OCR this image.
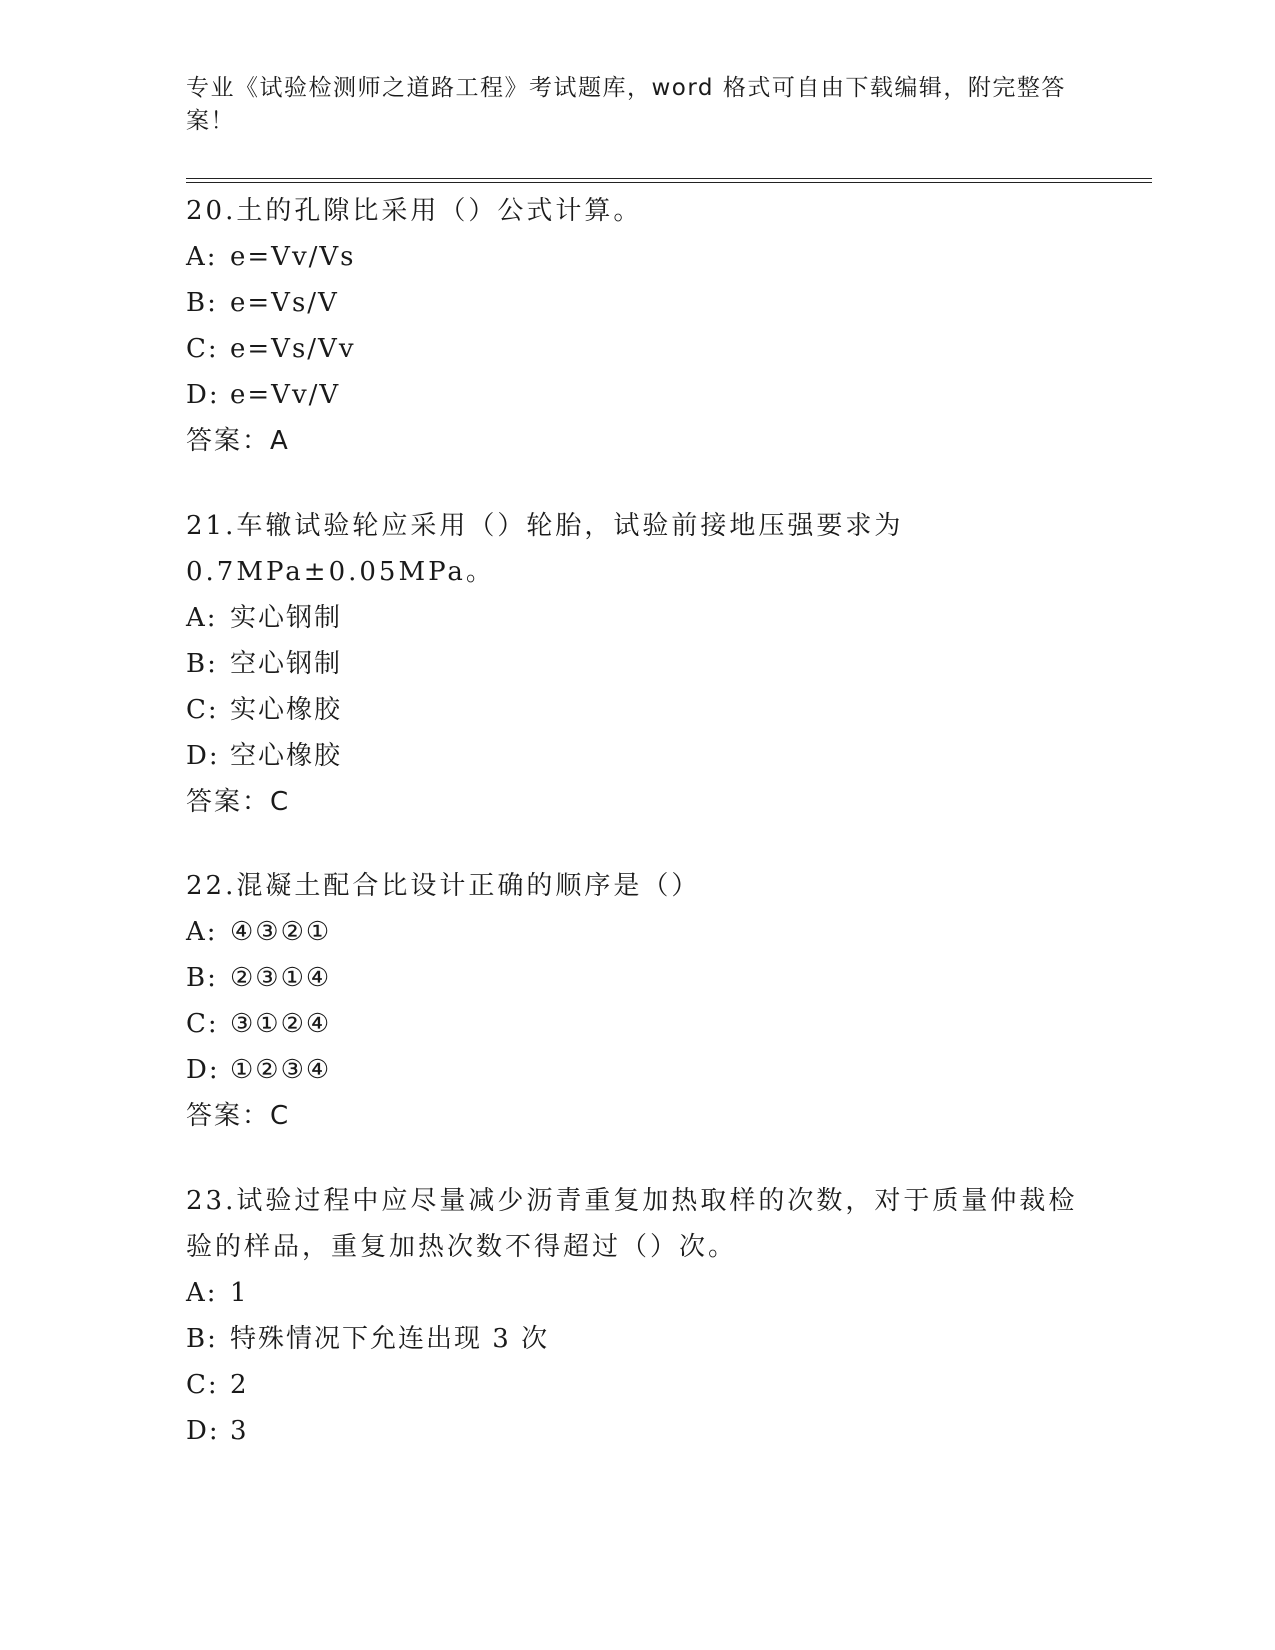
专业《试验检测师之道路工程》考试题库，word 格式可自由下载编辑，附完整答
案！
20.土的孔隙比采用（）公式计算。
A: e=Vv/Vs
B: e=Vs/V
C: e=Vs/Vv
D: e=Vv/V
答案：A
21.车辙试验轮应采用（）轮胎，试验前接地压强要求为
0.7MPa±0.05MPa。
A: 实心钢制
B: 空心钢制
C: 实心橡胶
D: 空心橡胶
答案：C
22.混凝土配合比设计正确的顺序是（）
A: ④③②①
B: ②③①④
C: ③①②④
D: ①②③④
答案：C
23.试验过程中应尽量减少沥青重复加热取样的次数，对于质量仲裁检
验的样品，重复加热次数不得超过（）次。
A: 1
B: 特殊情况下允连出现 3 次
C: 2
D: 3
